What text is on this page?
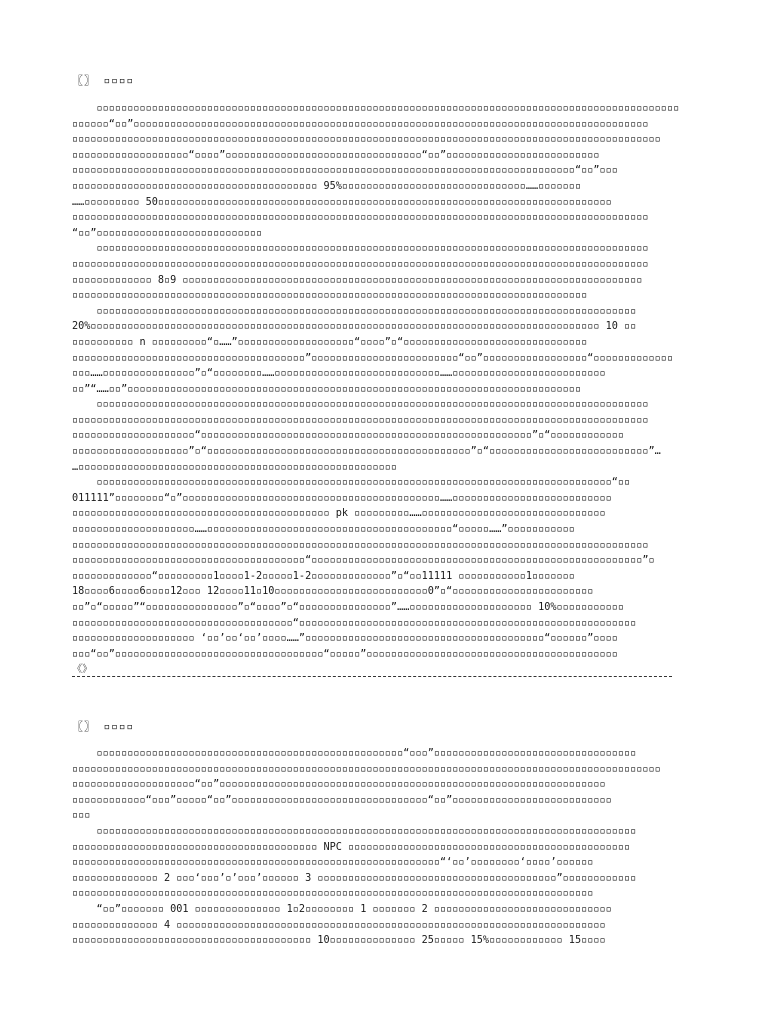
〖〗 ▫▫▫▫
▫▫▫▫▫▫▫▫▫▫▫▫▫▫▫▫▫▫▫▫▫▫▫▫▫▫▫▫▫▫▫▫▫▫▫▫▫▫▫▫▫▫▫▫▫▫▫▫▫▫▫▫▫▫▫▫▫▫▫▫▫▫▫▫▫▫▫▫▫▫▫▫▫▫▫▫▫▫▫▫▫▫▫▫▫▫▫▫▫▫▫▫▫▫▫
▫▫▫▫▫▫“▫▫”▫▫▫▫▫▫▫▫▫▫▫▫▫▫▫▫▫▫▫▫▫▫▫▫▫▫▫▫▫▫▫▫▫▫▫▫▫▫▫▫▫▫▫▫▫▫▫▫▫▫▫▫▫▫▫▫▫▫▫▫▫▫▫▫▫▫▫▫▫▫▫▫▫▫▫▫▫▫▫▫▫▫▫▫
▫▫▫▫▫▫▫▫▫▫▫▫▫▫▫▫▫▫▫▫▫▫▫▫▫▫▫▫▫▫▫▫▫▫▫▫▫▫▫▫▫▫▫▫▫▫▫▫▫▫▫▫▫▫▫▫▫▫▫▫▫▫▫▫▫▫▫▫▫▫▫▫▫▫▫▫▫▫▫▫▫▫▫▫▫▫▫▫▫▫▫▫▫▫▫▫
▫▫▫▫▫▫▫▫▫▫▫▫▫▫▫▫▫▫▫“▫▫▫▫”▫▫▫▫▫▫▫▫▫▫▫▫▫▫▫▫▫▫▫▫▫▫▫▫▫▫▫▫▫▫▫▫“▫▫”▫▫▫▫▫▫▫▫▫▫▫▫▫▫▫▫▫▫▫▫▫▫▫▫▫
▫▫▫▫▫▫▫▫▫▫▫▫▫▫▫▫▫▫▫▫▫▫▫▫▫▫▫▫▫▫▫▫▫▫▫▫▫▫▫▫▫▫▫▫▫▫▫▫▫▫▫▫▫▫▫▫▫▫▫▫▫▫▫▫▫▫▫▫▫▫▫▫▫▫▫▫▫▫▫▫▫▫“▫▫”▫▫▫
▫▫▫▫▫▫▫▫▫▫▫▫▫▫▫▫▫▫▫▫▫▫▫▫▫▫▫▫▫▫▫▫▫▫▫▫▫▫▫▫ 95%▫▫▫▫▫▫▫▫▫▫▫▫▫▫▫▫▫▫▫▫▫▫▫▫▫▫▫▫▫▫……▫▫▫▫▫▫▫
……▫▫▫▫▫▫▫▫▫ 50▫▫▫▫▫▫▫▫▫▫▫▫▫▫▫▫▫▫▫▫▫▫▫▫▫▫▫▫▫▫▫▫▫▫▫▫▫▫▫▫▫▫▫▫▫▫▫▫▫▫▫▫▫▫▫▫▫▫▫▫▫▫▫▫▫▫▫▫▫▫▫▫▫▫
▫▫▫▫▫▫▫▫▫▫▫▫▫▫▫▫▫▫▫▫▫▫▫▫▫▫▫▫▫▫▫▫▫▫▫▫▫▫▫▫▫▫▫▫▫▫▫▫▫▫▫▫▫▫▫▫▫▫▫▫▫▫▫▫▫▫▫▫▫▫▫▫▫▫▫▫▫▫▫▫▫▫▫▫▫▫▫▫▫▫▫▫▫▫
“▫▫”▫▫▫▫▫▫▫▫▫▫▫▫▫▫▫▫▫▫▫▫▫▫▫▫▫▫▫
▫▫▫▫▫▫▫▫▫▫▫▫▫▫▫▫▫▫▫▫▫▫▫▫▫▫▫▫▫▫▫▫▫▫▫▫▫▫▫▫▫▫▫▫▫▫▫▫▫▫▫▫▫▫▫▫▫▫▫▫▫▫▫▫▫▫▫▫▫▫▫▫▫▫▫▫▫▫▫▫▫▫▫▫▫▫▫▫▫▫
▫▫▫▫▫▫▫▫▫▫▫▫▫▫▫▫▫▫▫▫▫▫▫▫▫▫▫▫▫▫▫▫▫▫▫▫▫▫▫▫▫▫▫▫▫▫▫▫▫▫▫▫▫▫▫▫▫▫▫▫▫▫▫▫▫▫▫▫▫▫▫▫▫▫▫▫▫▫▫▫▫▫▫▫▫▫▫▫▫▫▫▫▫▫
▫▫▫▫▫▫▫▫▫▫▫▫▫ 8▫9 ▫▫▫▫▫▫▫▫▫▫▫▫▫▫▫▫▫▫▫▫▫▫▫▫▫▫▫▫▫▫▫▫▫▫▫▫▫▫▫▫▫▫▫▫▫▫▫▫▫▫▫▫▫▫▫▫▫▫▫▫▫▫▫▫▫▫▫▫▫▫▫▫▫▫▫
▫▫▫▫▫▫▫▫▫▫▫▫▫▫▫▫▫▫▫▫▫▫▫▫▫▫▫▫▫▫▫▫▫▫▫▫▫▫▫▫▫▫▫▫▫▫▫▫▫▫▫▫▫▫▫▫▫▫▫▫▫▫▫▫▫▫▫▫▫▫▫▫▫▫▫▫▫▫▫▫▫▫▫▫
▫▫▫▫▫▫▫▫▫▫▫▫▫▫▫▫▫▫▫▫▫▫▫▫▫▫▫▫▫▫▫▫▫▫▫▫▫▫▫▫▫▫▫▫▫▫▫▫▫▫▫▫▫▫▫▫▫▫▫▫▫▫▫▫▫▫▫▫▫▫▫▫▫▫▫▫▫▫▫▫▫▫▫▫▫▫▫▫
20%▫▫▫▫▫▫▫▫▫▫▫▫▫▫▫▫▫▫▫▫▫▫▫▫▫▫▫▫▫▫▫▫▫▫▫▫▫▫▫▫▫▫▫▫▫▫▫▫▫▫▫▫▫▫▫▫▫▫▫▫▫▫▫▫▫▫▫▫▫▫▫▫▫▫▫▫▫▫▫▫▫▫▫ 10 ▫▫
▫▫▫▫▫▫▫▫▫▫ n ▫▫▫▫▫▫▫▫▫“▫……”▫▫▫▫▫▫▫▫▫▫▫▫▫▫▫▫▫▫▫“▫▫▫▫”▫“▫▫▫▫▫▫▫▫▫▫▫▫▫▫▫▫▫▫▫▫▫▫▫▫▫▫▫▫▫▫
▫▫▫▫▫▫▫▫▫▫▫▫▫▫▫▫▫▫▫▫▫▫▫▫▫▫▫▫▫▫▫▫▫▫▫▫▫▫”▫▫▫▫▫▫▫▫▫▫▫▫▫▫▫▫▫▫▫▫▫▫▫▫“▫▫”▫▫▫▫▫▫▫▫▫▫▫▫▫▫▫▫▫“▫▫▫▫▫▫▫▫▫▫▫▫▫
▫▫▫……▫▫▫▫▫▫▫▫▫▫▫▫▫▫▫”▫“▫▫▫▫▫▫▫▫……▫▫▫▫▫▫▫▫▫▫▫▫▫▫▫▫▫▫▫▫▫▫▫▫▫▫▫……▫▫▫▫▫▫▫▫▫▫▫▫▫▫▫▫▫▫▫▫▫▫▫▫▫
▫▫”“……▫▫”▫▫▫▫▫▫▫▫▫▫▫▫▫▫▫▫▫▫▫▫▫▫▫▫▫▫▫▫▫▫▫▫▫▫▫▫▫▫▫▫▫▫▫▫▫▫▫▫▫▫▫▫▫▫▫▫▫▫▫▫▫▫▫▫▫▫▫▫▫▫▫▫▫▫
▫▫▫▫▫▫▫▫▫▫▫▫▫▫▫▫▫▫▫▫▫▫▫▫▫▫▫▫▫▫▫▫▫▫▫▫▫▫▫▫▫▫▫▫▫▫▫▫▫▫▫▫▫▫▫▫▫▫▫▫▫▫▫▫▫▫▫▫▫▫▫▫▫▫▫▫▫▫▫▫▫▫▫▫▫▫▫▫▫▫
▫▫▫▫▫▫▫▫▫▫▫▫▫▫▫▫▫▫▫▫▫▫▫▫▫▫▫▫▫▫▫▫▫▫▫▫▫▫▫▫▫▫▫▫▫▫▫▫▫▫▫▫▫▫▫▫▫▫▫▫▫▫▫▫▫▫▫▫▫▫▫▫▫▫▫▫▫▫▫▫▫▫▫▫▫▫▫▫▫▫▫▫▫▫
▫▫▫▫▫▫▫▫▫▫▫▫▫▫▫▫▫▫▫▫“▫▫▫▫▫▫▫▫▫▫▫▫▫▫▫▫▫▫▫▫▫▫▫▫▫▫▫▫▫▫▫▫▫▫▫▫▫▫▫▫▫▫▫▫▫▫▫▫▫▫▫▫▫▫”▫“▫▫▫▫▫▫▫▫▫▫▫▫
▫▫▫▫▫▫▫▫▫▫▫▫▫▫▫▫▫▫▫”▫“▫▫▫▫▫▫▫▫▫▫▫▫▫▫▫▫▫▫▫▫▫▫▫▫▫▫▫▫▫▫▫▫▫▫▫▫▫▫▫▫▫▫▫”▫“▫▫▫▫▫▫▫▫▫▫▫▫▫▫▫▫▫▫▫▫▫▫▫▫▫▫”…
…▫▫▫▫▫▫▫▫▫▫▫▫▫▫▫▫▫▫▫▫▫▫▫▫▫▫▫▫▫▫▫▫▫▫▫▫▫▫▫▫▫▫▫▫▫▫▫▫▫▫▫▫
▫▫▫▫▫▫▫▫▫▫▫▫▫▫▫▫▫▫▫▫▫▫▫▫▫▫▫▫▫▫▫▫▫▫▫▫▫▫▫▫▫▫▫▫▫▫▫▫▫▫▫▫▫▫▫▫▫▫▫▫▫▫▫▫▫▫▫▫▫▫▫▫▫▫▫▫▫▫▫▫▫▫▫▫“▫▫
011111”▫▫▫▫▫▫▫▫“▫”▫▫▫▫▫▫▫▫▫▫▫▫▫▫▫▫▫▫▫▫▫▫▫▫▫▫▫▫▫▫▫▫▫▫▫▫▫▫▫▫▫▫……▫▫▫▫▫▫▫▫▫▫▫▫▫▫▫▫▫▫▫▫▫▫▫▫▫▫
▫▫▫▫▫▫▫▫▫▫▫▫▫▫▫▫▫▫▫▫▫▫▫▫▫▫▫▫▫▫▫▫▫▫▫▫▫▫▫▫▫▫ pk ▫▫▫▫▫▫▫▫▫……▫▫▫▫▫▫▫▫▫▫▫▫▫▫▫▫▫▫▫▫▫▫▫▫▫▫▫▫▫▫
▫▫▫▫▫▫▫▫▫▫▫▫▫▫▫▫▫▫▫▫……▫▫▫▫▫▫▫▫▫▫▫▫▫▫▫▫▫▫▫▫▫▫▫▫▫▫▫▫▫▫▫▫▫▫▫▫▫▫▫▫“▫▫▫▫▫……”▫▫▫▫▫▫▫▫▫▫▫
▫▫▫▫▫▫▫▫▫▫▫▫▫▫▫▫▫▫▫▫▫▫▫▫▫▫▫▫▫▫▫▫▫▫▫▫▫▫▫▫▫▫▫▫▫▫▫▫▫▫▫▫▫▫▫▫▫▫▫▫▫▫▫▫▫▫▫▫▫▫▫▫▫▫▫▫▫▫▫▫▫▫▫▫▫▫▫▫▫▫▫▫▫▫
▫▫▫▫▫▫▫▫▫▫▫▫▫▫▫▫▫▫▫▫▫▫▫▫▫▫▫▫▫▫▫▫▫▫▫▫▫▫“▫▫▫▫▫▫▫▫▫▫▫▫▫▫▫▫▫▫▫▫▫▫▫▫▫▫▫▫▫▫▫▫▫▫▫▫▫▫▫▫▫▫▫▫▫▫▫▫▫▫▫▫▫▫”▫
▫▫▫▫▫▫▫▫▫▫▫▫▫“▫▫▫▫▫▫▫▫▫1▫▫▫▫1-2▫▫▫▫▫1-2▫▫▫▫▫▫▫▫▫▫▫▫▫”▫“▫▫11111 ▫▫▫▫▫▫▫▫▫▫▫1▫▫▫▫▫▫▫
18▫▫▫▫6▫▫▫▫6▫▫▫▫12▫▫▫ 12▫▫▫▫11▫10▫▫▫▫▫▫▫▫▫▫▫▫▫▫▫▫▫▫▫▫▫▫▫▫▫0”▫“▫▫▫▫▫▫▫▫▫▫▫▫▫▫▫▫▫▫▫▫▫▫▫
▫▫”▫“▫▫▫▫▫”“▫▫▫▫▫▫▫▫▫▫▫▫▫▫▫”▫“▫▫▫▫”▫“▫▫▫▫▫▫▫▫▫▫▫▫▫▫▫”……▫▫▫▫▫▫▫▫▫▫▫▫▫▫▫▫▫▫▫▫ 10%▫▫▫▫▫▫▫▫▫▫▫
▫▫▫▫▫▫▫▫▫▫▫▫▫▫▫▫▫▫▫▫▫▫▫▫▫▫▫▫▫▫▫▫▫▫▫▫“▫▫▫▫▫▫▫▫▫▫▫▫▫▫▫▫▫▫▫▫▫▫▫▫▫▫▫▫▫▫▫▫▫▫▫▫▫▫▫▫▫▫▫▫▫▫▫▫▫▫▫▫▫▫▫
▫▫▫▫▫▫▫▫▫▫▫▫▫▫▫▫▫▫▫▫ ‘▫▫’▫▫‘▫▫’▫▫▫▫……”▫▫▫▫▫▫▫▫▫▫▫▫▫▫▫▫▫▫▫▫▫▫▫▫▫▫▫▫▫▫▫▫▫▫▫▫▫▫▫“▫▫▫▫▫▫”▫▫▫▫
▫▫▫“▫▫”▫▫▫▫▫▫▫▫▫▫▫▫▫▫▫▫▫▫▫▫▫▫▫▫▫▫▫▫▫▫▫▫▫▫“▫▫▫▫▫”▫▫▫▫▫▫▫▫▫▫▫▫▫▫▫▫▫▫▫▫▫▫▫▫▫▫▫▫▫▫▫▫▫▫▫▫▫▫▫▫▫
《》
〖〗 ▫▫▫▫
▫▫▫▫▫▫▫▫▫▫▫▫▫▫▫▫▫▫▫▫▫▫▫▫▫▫▫▫▫▫▫▫▫▫▫▫▫▫▫▫▫▫▫▫▫▫▫▫▫▫“▫▫▫”▫▫▫▫▫▫▫▫▫▫▫▫▫▫▫▫▫▫▫▫▫▫▫▫▫▫▫▫▫▫▫▫▫
▫▫▫▫▫▫▫▫▫▫▫▫▫▫▫▫▫▫▫▫▫▫▫▫▫▫▫▫▫▫▫▫▫▫▫▫▫▫▫▫▫▫▫▫▫▫▫▫▫▫▫▫▫▫▫▫▫▫▫▫▫▫▫▫▫▫▫▫▫▫▫▫▫▫▫▫▫▫▫▫▫▫▫▫▫▫▫▫▫▫▫▫▫▫▫▫
▫▫▫▫▫▫▫▫▫▫▫▫▫▫▫▫▫▫▫▫“▫▫”▫▫▫▫▫▫▫▫▫▫▫▫▫▫▫▫▫▫▫▫▫▫▫▫▫▫▫▫▫▫▫▫▫▫▫▫▫▫▫▫▫▫▫▫▫▫▫▫▫▫▫▫▫▫▫▫▫▫▫▫▫▫▫
▫▫▫▫▫▫▫▫▫▫▫▫“▫▫▫”▫▫▫▫▫“▫▫”▫▫▫▫▫▫▫▫▫▫▫▫▫▫▫▫▫▫▫▫▫▫▫▫▫▫▫▫▫▫▫▫“▫▫”▫▫▫▫▫▫▫▫▫▫▫▫▫▫▫▫▫▫▫▫▫▫▫▫▫▫
▫▫▫
▫▫▫▫▫▫▫▫▫▫▫▫▫▫▫▫▫▫▫▫▫▫▫▫▫▫▫▫▫▫▫▫▫▫▫▫▫▫▫▫▫▫▫▫▫▫▫▫▫▫▫▫▫▫▫▫▫▫▫▫▫▫▫▫▫▫▫▫▫▫▫▫▫▫▫▫▫▫▫▫▫▫▫▫▫▫▫▫
▫▫▫▫▫▫▫▫▫▫▫▫▫▫▫▫▫▫▫▫▫▫▫▫▫▫▫▫▫▫▫▫▫▫▫▫▫▫▫▫ NPC ▫▫▫▫▫▫▫▫▫▫▫▫▫▫▫▫▫▫▫▫▫▫▫▫▫▫▫▫▫▫▫▫▫▫▫▫▫▫▫▫▫▫▫▫▫▫
▫▫▫▫▫▫▫▫▫▫▫▫▫▫▫▫▫▫▫▫▫▫▫▫▫▫▫▫▫▫▫▫▫▫▫▫▫▫▫▫▫▫▫▫▫▫▫▫▫▫▫▫▫▫▫▫▫▫▫▫“‘▫▫’▫▫▫▫▫▫▫▫‘▫▫▫▫’▫▫▫▫▫▫
▫▫▫▫▫▫▫▫▫▫▫▫▫▫ 2 ▫▫▫‘▫▫▫’▫’▫▫▫’▫▫▫▫▫▫ 3 ▫▫▫▫▫▫▫▫▫▫▫▫▫▫▫▫▫▫▫▫▫▫▫▫▫▫▫▫▫▫▫▫▫▫▫▫▫▫▫”▫▫▫▫▫▫▫▫▫▫▫▫
▫▫▫▫▫▫▫▫▫▫▫▫▫▫▫▫▫▫▫▫▫▫▫▫▫▫▫▫▫▫▫▫▫▫▫▫▫▫▫▫▫▫▫▫▫▫▫▫▫▫▫▫▫▫▫▫▫▫▫▫▫▫▫▫▫▫▫▫▫▫▫▫▫▫▫▫▫▫▫▫▫▫▫▫▫
“▫▫”▫▫▫▫▫▫▫ 001 ▫▫▫▫▫▫▫▫▫▫▫▫▫▫ 1▫2▫▫▫▫▫▫▫▫ 1 ▫▫▫▫▫▫▫ 2 ▫▫▫▫▫▫▫▫▫▫▫▫▫▫▫▫▫▫▫▫▫▫▫▫▫▫▫▫▫
▫▫▫▫▫▫▫▫▫▫▫▫▫▫ 4 ▫▫▫▫▫▫▫▫▫▫▫▫▫▫▫▫▫▫▫▫▫▫▫▫▫▫▫▫▫▫▫▫▫▫▫▫▫▫▫▫▫▫▫▫▫▫▫▫▫▫▫▫▫▫▫▫▫▫▫▫▫▫▫▫▫▫▫▫▫▫
▫▫▫▫▫▫▫▫▫▫▫▫▫▫▫▫▫▫▫▫▫▫▫▫▫▫▫▫▫▫▫▫▫▫▫▫▫▫▫ 10▫▫▫▫▫▫▫▫▫▫▫▫▫▫ 25▫▫▫▫▫ 15%▫▫▫▫▫▫▫▫▫▫▫▫ 15▫▫▫▫
